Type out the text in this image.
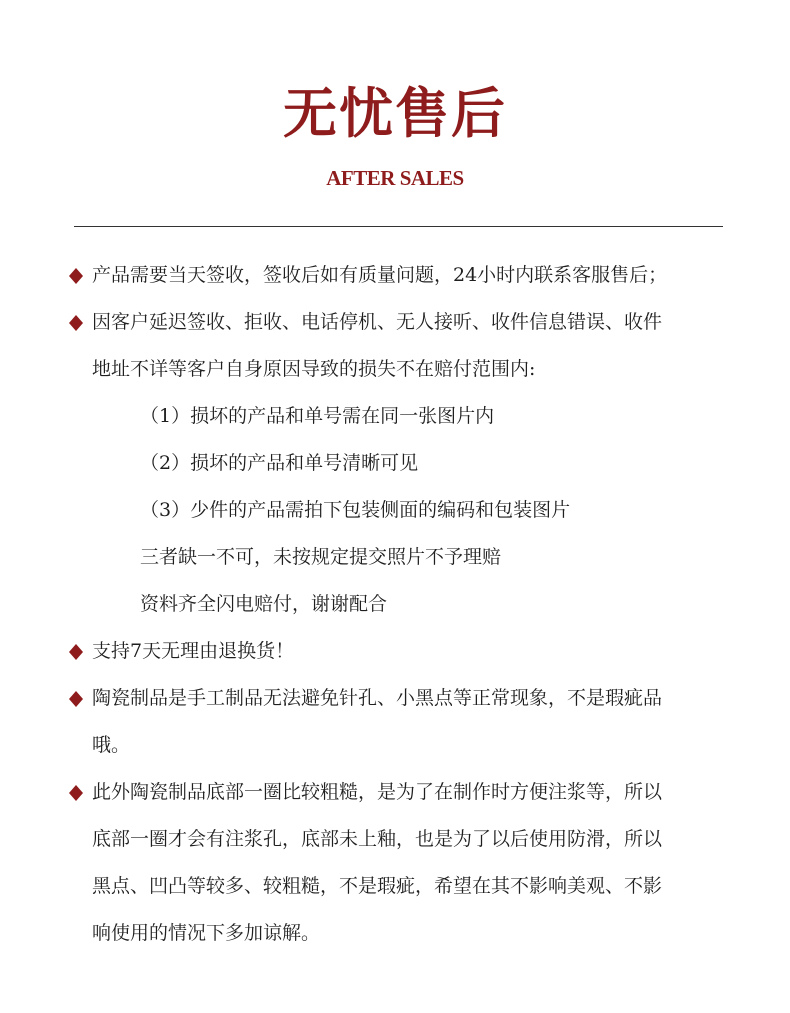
无忧售后
AFTER SALES
产品需要当天签收，签收后如有质量问题，24小时内联系客服售后；
因客户延迟签收、拒收、电话停机、无人接听、收件信息错误、收件
地址不详等客户自身原因导致的损失不在赔付范围内:
（1）损坏的产品和单号需在同一张图片内
（2）损坏的产品和单号清晰可见
（3）少件的产品需拍下包装侧面的编码和包装图片
三者缺一不可，未按规定提交照片不予理赔
资料齐全闪电赔付，谢谢配合
支持7天无理由退换货！
陶瓷制品是手工制品无法避免针孔、小黑点等正常现象，不是瑕疵品
哦。
此外陶瓷制品底部一圈比较粗糙，是为了在制作时方便注浆等，所以
底部一圈才会有注浆孔，底部未上釉，也是为了以后使用防滑，所以
黑点、凹凸等较多、较粗糙，不是瑕疵，希望在其不影响美观、不影
响使用的情况下多加谅解。
